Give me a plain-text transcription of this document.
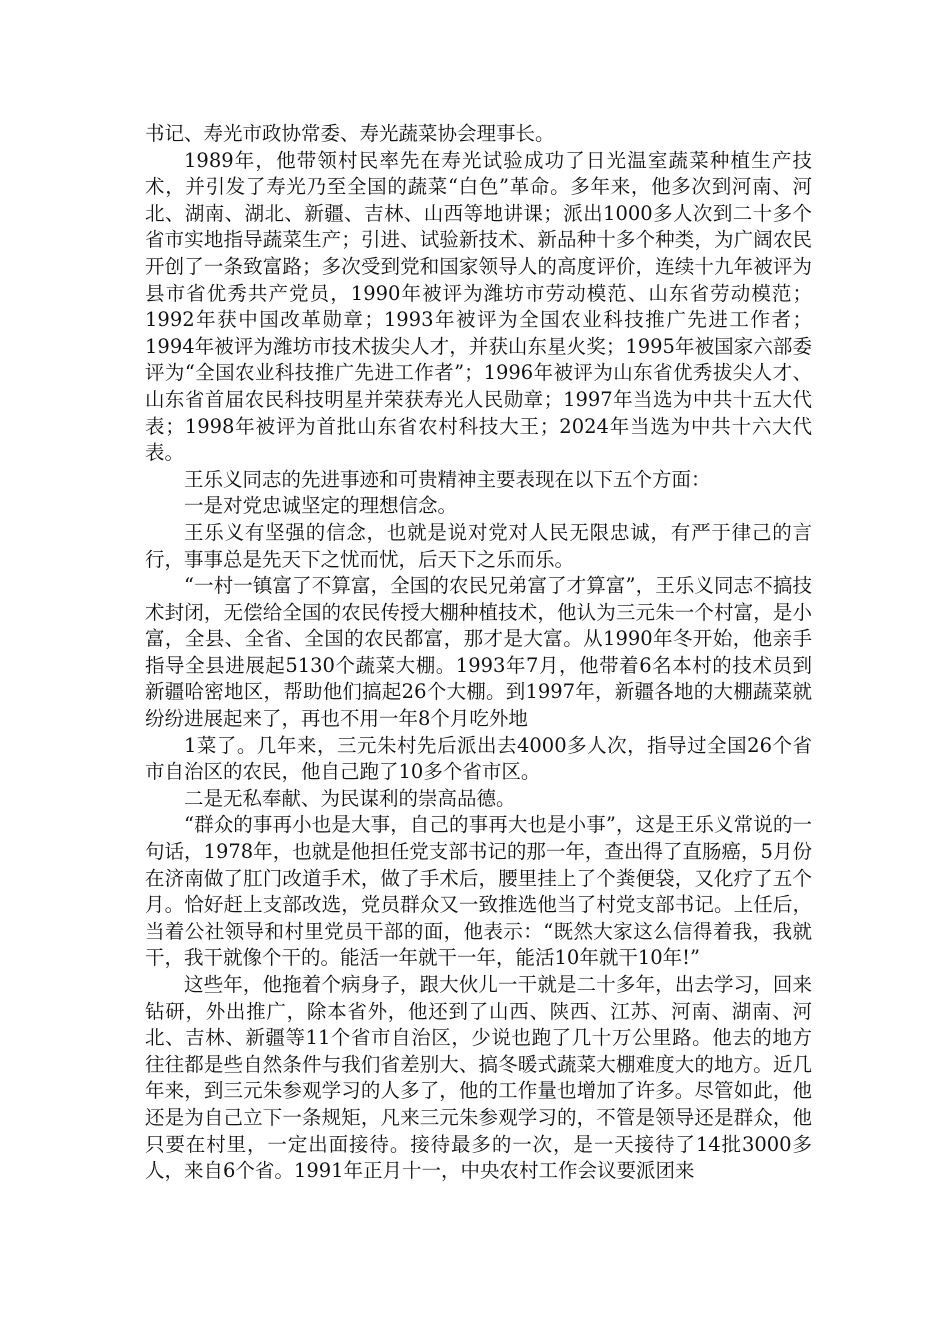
书记、寿光市政协常委、寿光蔬菜协会理事长。

1989年，他带领村民率先在寿光试验成功了日光温室蔬菜种植生产技术，并引发了寿光乃至全国的蔬菜“白色”革命。多年来，他多次到河南、河北、湖南、湖北、新疆、吉林、山西等地讲课；派出1000多人次到二十多个省市实地指导蔬菜生产；引进、试验新技术、新品种十多个种类，为广阔农民开创了一条致富路；多次受到党和国家领导人的高度评价，连续十九年被评为县市省优秀共产党员，1990年被评为潍坊市劳动模范、山东省劳动模范；1992年获中国改革勋章；1993年被评为全国农业科技推广先进工作者；1994年被评为潍坊市技术拔尖人才，并获山东星火奖；1995年被国家六部委评为“全国农业科技推广先进工作者”；1996年被评为山东省优秀拔尖人才、山东省首届农民科技明星并荣获寿光人民勋章；1997年当选为中共十五大代表；1998年被评为首批山东省农村科技大王；2024年当选为中共十六大代表。

王乐义同志的先进事迹和可贵精神主要表现在以下五个方面：

一是对党忠诚坚定的理想信念。

王乐义有坚强的信念，也就是说对党对人民无限忠诚，有严于律己的言行，事事总是先天下之忧而忧，后天下之乐而乐。

“一村一镇富了不算富，全国的农民兄弟富了才算富”，王乐义同志不搞技术封闭，无偿给全国的农民传授大棚种植技术，他认为三元朱一个村富，是小富，全县、全省、全国的农民都富，那才是大富。从1990年冬开始，他亲手指导全县进展起5130个蔬菜大棚。1993年7月，他带着6名本村的技术员到新疆哈密地区，帮助他们搞起26个大棚。到1997年，新疆各地的大棚蔬菜就纷纷进展起来了，再也不用一年8个月吃外地

1菜了。几年来，三元朱村先后派出去4000多人次，指导过全国26个省市自治区的农民，他自己跑了10多个省市区。

二是无私奉献、为民谋利的崇高品德。

“群众的事再小也是大事，自己的事再大也是小事”，这是王乐义常说的一句话，1978年，也就是他担任党支部书记的那一年，查出得了直肠癌，5月份在济南做了肛门改道手术，做了手术后，腰里挂上了个粪便袋，又化疗了五个月。恰好赶上支部改选，党员群众又一致推选他当了村党支部书记。上任后，当着公社领导和村里党员干部的面，他表示：“既然大家这么信得着我，我就干，我干就像个干的。能活一年就干一年，能活10年就干10年!”

这些年，他拖着个病身子，跟大伙儿一干就是二十多年，出去学习，回来钻研，外出推广，除本省外，他还到了山西、陕西、江苏、河南、湖南、河北、吉林、新疆等11个省市自治区，少说也跑了几十万公里路。他去的地方往往都是些自然条件与我们省差别大、搞冬暖式蔬菜大棚难度大的地方。近几年来，到三元朱参观学习的人多了，他的工作量也增加了许多。尽管如此，他还是为自己立下一条规矩，凡来三元朱参观学习的，不管是领导还是群众，他只要在村里，一定出面接待。接待最多的一次，是一天接待了14批3000多人，来自6个省。1991年正月十一，中央农村工作会议要派团来
